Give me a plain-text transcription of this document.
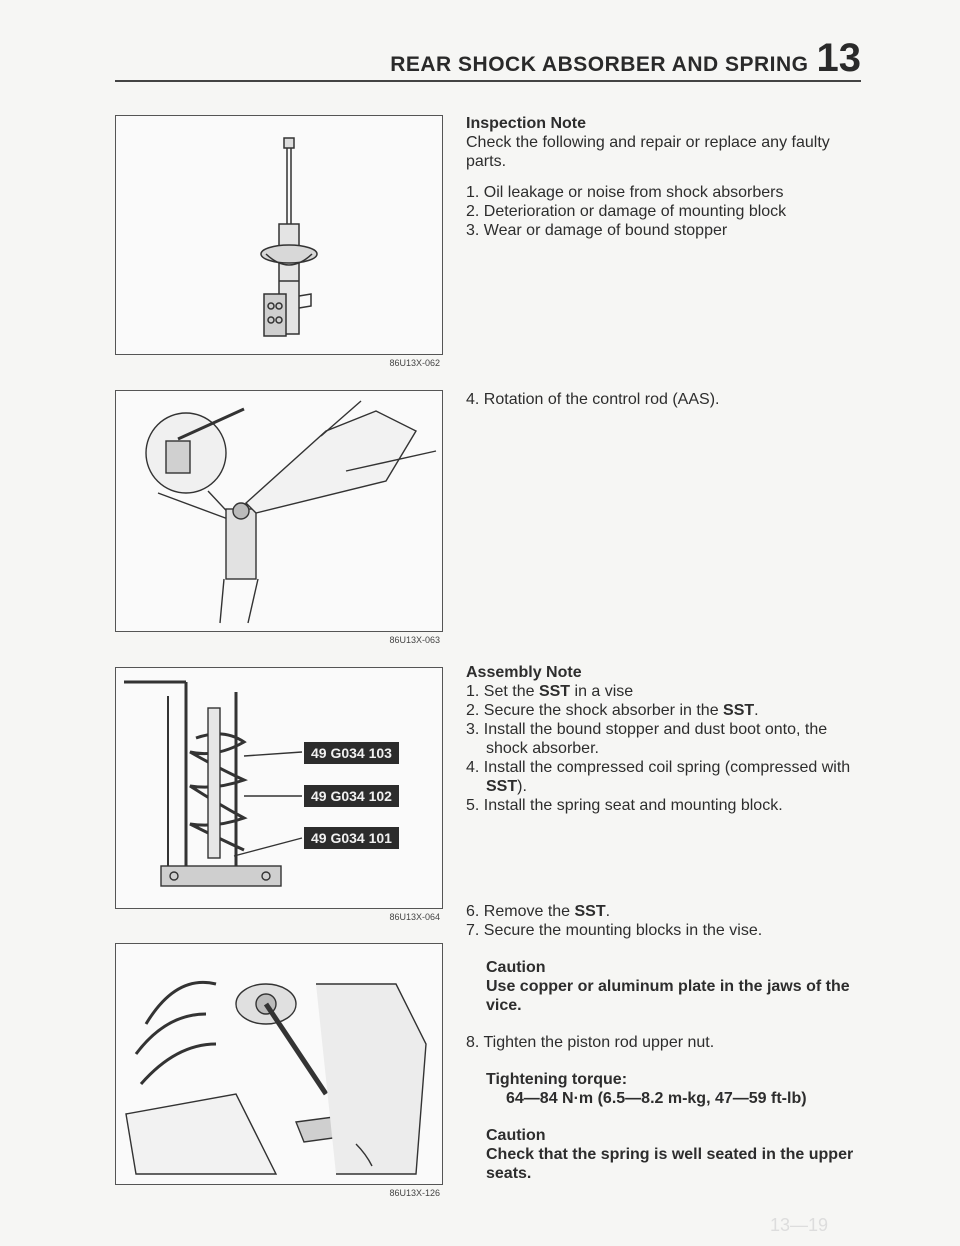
REAR SHOCK ABSORBER AND SPRING 13
86U13X-062
86U13X-063
49 G034 103
49 G034 102
49 G034 101
86U13X-064
86U13X-126

Inspection Note

Check the following and repair or replace any faulty parts.

1. Oil leakage or noise from shock absorbers

2. Deterioration or damage of mounting block

3. Wear or damage of bound stopper

4. Rotation of the control rod (AAS).

Assembly Note

1. Set the SST in a vise

2. Secure the shock absorber in the SST.

3. Install the bound stopper and dust boot onto, the shock absorber.

4. Install the compressed coil spring (compressed with SST).

5. Install the spring seat and mounting block.

6. Remove the SST.

7. Secure the mounting blocks in the vise.

Caution

Use copper or aluminum plate in the jaws of the vice.

8. Tighten the piston rod upper nut.

Tightening torque:

64—84 N·m (6.5—8.2 m-kg, 47—59 ft-lb)

Caution

Check that the spring is well seated in the upper seats.

13—19
